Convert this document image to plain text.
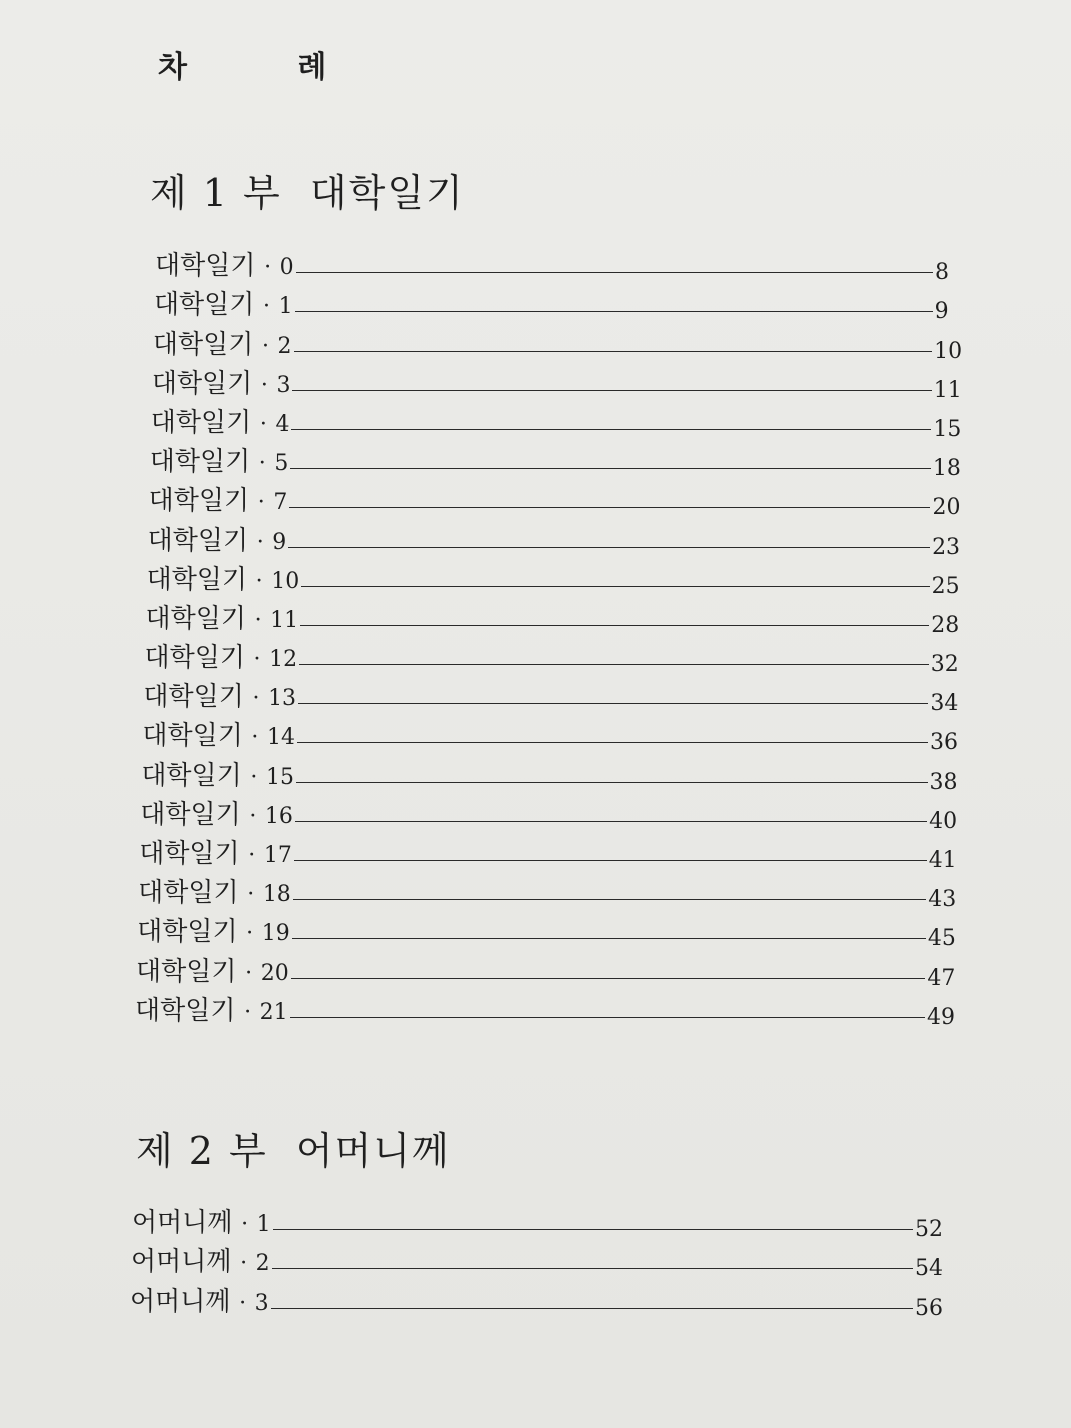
차 례
제 1 부  대학일기
대학일기 · 0	8
대학일기 · 1	9
대학일기 · 2	10
대학일기 · 3	11
대학일기 · 4	15
대학일기 · 5	18
대학일기 · 7	20
대학일기 · 9	23
대학일기 · 10	25
대학일기 · 11	28
대학일기 · 12	32
대학일기 · 13	34
대학일기 · 14	36
대학일기 · 15	38
대학일기 · 16	40
대학일기 · 17	41
대학일기 · 18	43
대학일기 · 19	45
대학일기 · 20	47
대학일기 · 21	49
제 2 부  어머니께
어머니께 · 1	52
어머니께 · 2	54
어머니께 · 3	56
